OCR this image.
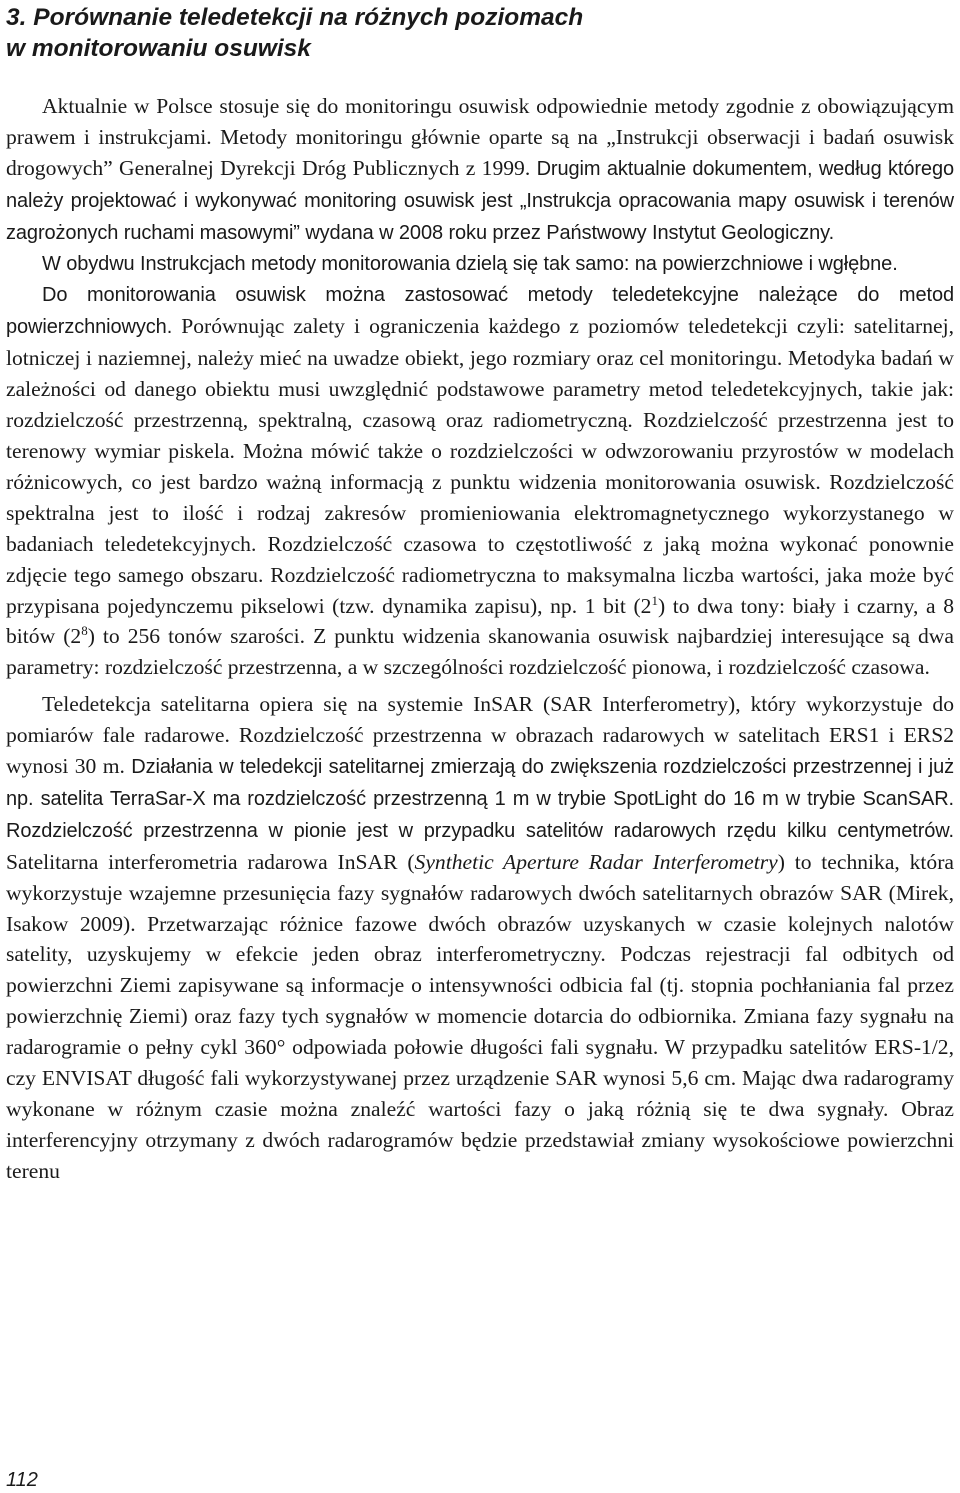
3. Porównanie teledetekcji na różnych poziomach
w monitorowaniu osuwisk

Aktualnie w Polsce stosuje się do monitoringu osuwisk odpowiednie metody zgodnie z obowiązującym prawem i instrukcjami. Metody monitoringu głównie oparte są na „Instrukcji obserwacji i badań osuwisk drogowych” Generalnej Dyrekcji Dróg Publicznych z 1999. Drugim aktualnie dokumentem, według którego należy projektować i wykonywać monitoring osuwisk jest „Instrukcja opracowania mapy osuwisk i terenów zagrożonych ruchami masowymi” wydana w 2008 roku przez Państwowy Instytut Geologiczny.

W obydwu Instrukcjach metody monitorowania dzielą się tak samo: na powierzchniowe i wgłębne.

Do monitorowania osuwisk można zastosować metody teledetekcyjne należące do metod powierzchniowych. Porównując zalety i ograniczenia każdego z poziomów teledetekcji czyli: satelitarnej, lotniczej i naziemnej, należy mieć na uwadze obiekt, jego rozmiary oraz cel monitoringu. Metodyka badań w zależności od danego obiektu musi uwzględnić podstawowe parametry metod teledetekcyjnych, takie jak: rozdzielczość przestrzenną, spektralną, czasową oraz radiometryczną. Rozdzielczość przestrzenna jest to terenowy wymiar piskela. Można mówić także o rozdzielczości w odwzorowaniu przyrostów w modelach różnicowych, co jest bardzo ważną informacją z punktu widzenia monitorowania osuwisk. Rozdzielczość spektralna jest to ilość i rodzaj zakresów promieniowania elektromagnetycznego wykorzystanego w badaniach teledetekcyjnych. Rozdzielczość czasowa to częstotliwość z jaką można wykonać ponownie zdjęcie tego samego obszaru. Rozdzielczość radiometryczna to maksymalna liczba wartości, jaka może być przypisana pojedynczemu pikselowi (tzw. dynamika zapisu), np. 1 bit $(2^1)$ to dwa tony: biały i czarny, a 8 bitów $(2^8)$ to 256 tonów szarości. Z punktu widzenia skanowania osuwisk najbardziej interesujące są dwa parametry: rozdzielczość przestrzenna, a w szczególności rozdzielczość pionowa, i rozdzielczość czasowa.

Teledetekcja satelitarna opiera się na systemie InSAR (SAR Interferometry), który wykorzystuje do pomiarów fale radarowe. Rozdzielczość przestrzenna w obrazach radarowych w satelitach ERS1 i ERS2 wynosi 30 m. Działania w teledekcji satelitarnej zmierzają do zwiększenia rozdzielczości przestrzennej i już np. satelita TerraSar-X ma rozdzielczość przestrzenną 1 m w trybie SpotLight do 16 m w trybie ScanSAR. Rozdzielczość przestrzenna w pionie jest w przypadku satelitów radarowych rzędu kilku centymetrów. Satelitarna interferometria radarowa InSAR (Synthetic Aperture Radar Interferometry) to technika, która wykorzystuje wzajemne przesunięcia fazy sygnałów radarowych dwóch satelitarnych obrazów SAR (Mirek, Isakow 2009). Przetwarzając różnice fazowe dwóch obrazów uzyskanych w czasie kolejnych nalotów satelity, uzyskujemy w efekcie jeden obraz interferometryczny. Podczas rejestracji fal odbitych od powierzchni Ziemi zapisywane są informacje o intensywności odbicia fal (tj. stopnia pochłaniania fal przez powierzchnię Ziemi) oraz fazy tych sygnałów w momencie dotarcia do odbiornika. Zmiana fazy sygnału na radarogramie o pełny cykl 360° odpowiada połowie długości fali sygnału. W przypadku satelitów ERS-1/2, czy ENVISAT długość fali wykorzystywanej przez urządzenie SAR wynosi 5,6 cm. Mając dwa radarogramy wykonane w różnym czasie można znaleźć wartości fazy o jaką różnią się te dwa sygnały. Obraz interferencyjny otrzymany z dwóch radarogramów będzie przedstawiał zmiany wysokościowe powierzchni terenu

112
